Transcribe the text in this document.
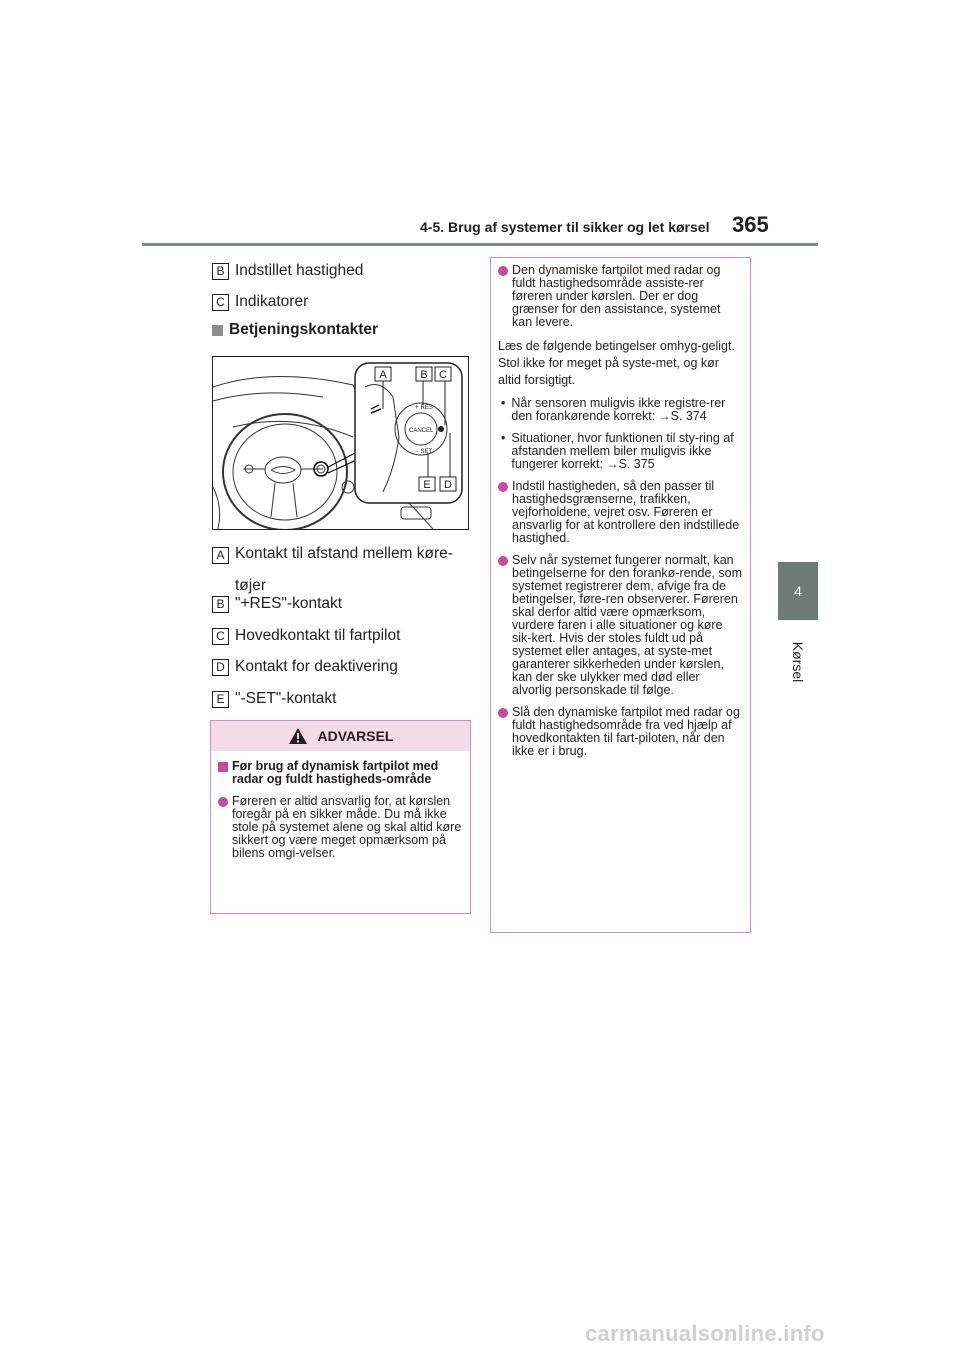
4-5. Brug af systemer til sikker og let kørsel 365
4
Kørsel
B Indstillet hastighed
C Indikatorer
Betjeningskontakter
+ RES
CANCEL
− SET
A	B C
D
E
A Kontakt til afstand mellem køre-
tøjer
B "+RES"-kontakt
C Hovedkontakt til fartpilot
D Kontakt for deaktivering
E "-SET"-kontakt
ADVARSEL
Før brug af dynamisk fartpilot med radar og fuldt hastigheds-område
Føreren er altid ansvarlig for, at kørslen foregår på en sikker måde. Du må ikke stole på systemet alene og skal altid køre sikkert og være meget opmærksom på bilens omgi-velser.
Den dynamiske fartpilot med radar og fuldt hastighedsområde assiste-rer føreren under kørslen. Der er dog grænser for den assistance, systemet kan levere.
Læs de følgende betingelser omhyg-geligt. Stol ikke for meget på syste-met, og kør altid forsigtigt.
• Når sensoren muligvis ikke registre-rer den forankørende korrekt: →S. 374
• Situationer, hvor funktionen til sty-ring af afstanden mellem biler muligvis ikke fungerer korrekt: →S. 375
Indstil hastigheden, så den passer til hastighedsgrænserne, trafikken, vejforholdene, vejret osv. Føreren er ansvarlig for at kontrollere den indstillede hastighed.
Selv når systemet fungerer normalt, kan betingelserne for den forankø-rende, som systemet registrerer dem, afvige fra de betingelser, føre-ren observerer. Føreren skal derfor altid være opmærksom, vurdere faren i alle situationer og køre sik-kert. Hvis der stoles fuldt ud på systemet eller antages, at syste-met garanterer sikkerheden under kørslen, kan der ske ulykker med død eller alvorlig personskade til følge.
Slå den dynamiske fartpilot med radar og fuldt hastighedsområde fra ved hjælp af hovedkontakten til fart-piloten, når den ikke er i brug.
carmanualsonline.info
